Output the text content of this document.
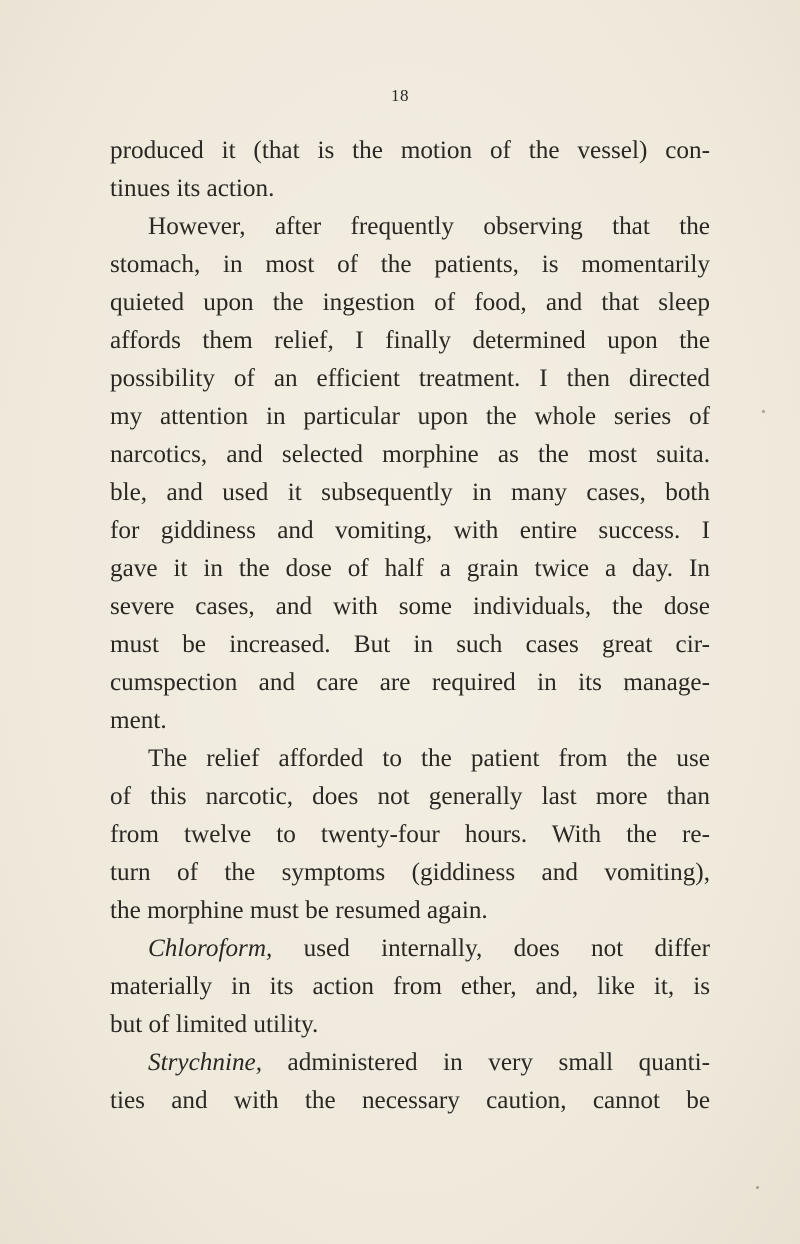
18
produced it (that is the motion of the vessel) con-
tinues its action.
However, after frequently observing that the
stomach, in most of the patients, is momentarily
quieted upon the ingestion of food, and that sleep
affords them relief, I finally determined upon the
possibility of an efficient treatment. I then directed
my attention in particular upon the whole series of
narcotics, and selected morphine as the most suita.
ble, and used it subsequently in many cases, both
for giddiness and vomiting, with entire success. I
gave it in the dose of half a grain twice a day. In
severe cases, and with some individuals, the dose
must be increased. But in such cases great cir-
cumspection and care are required in its manage-
ment.
The relief afforded to the patient from the use
of this narcotic, does not generally last more than
from twelve to twenty-four hours. With the re-
turn of the symptoms (giddiness and vomiting),
the morphine must be resumed again.
Chloroform, used internally, does not differ
materially in its action from ether, and, like it, is
but of limited utility.
Strychnine, administered in very small quanti-
ties and with the necessary caution, cannot be
